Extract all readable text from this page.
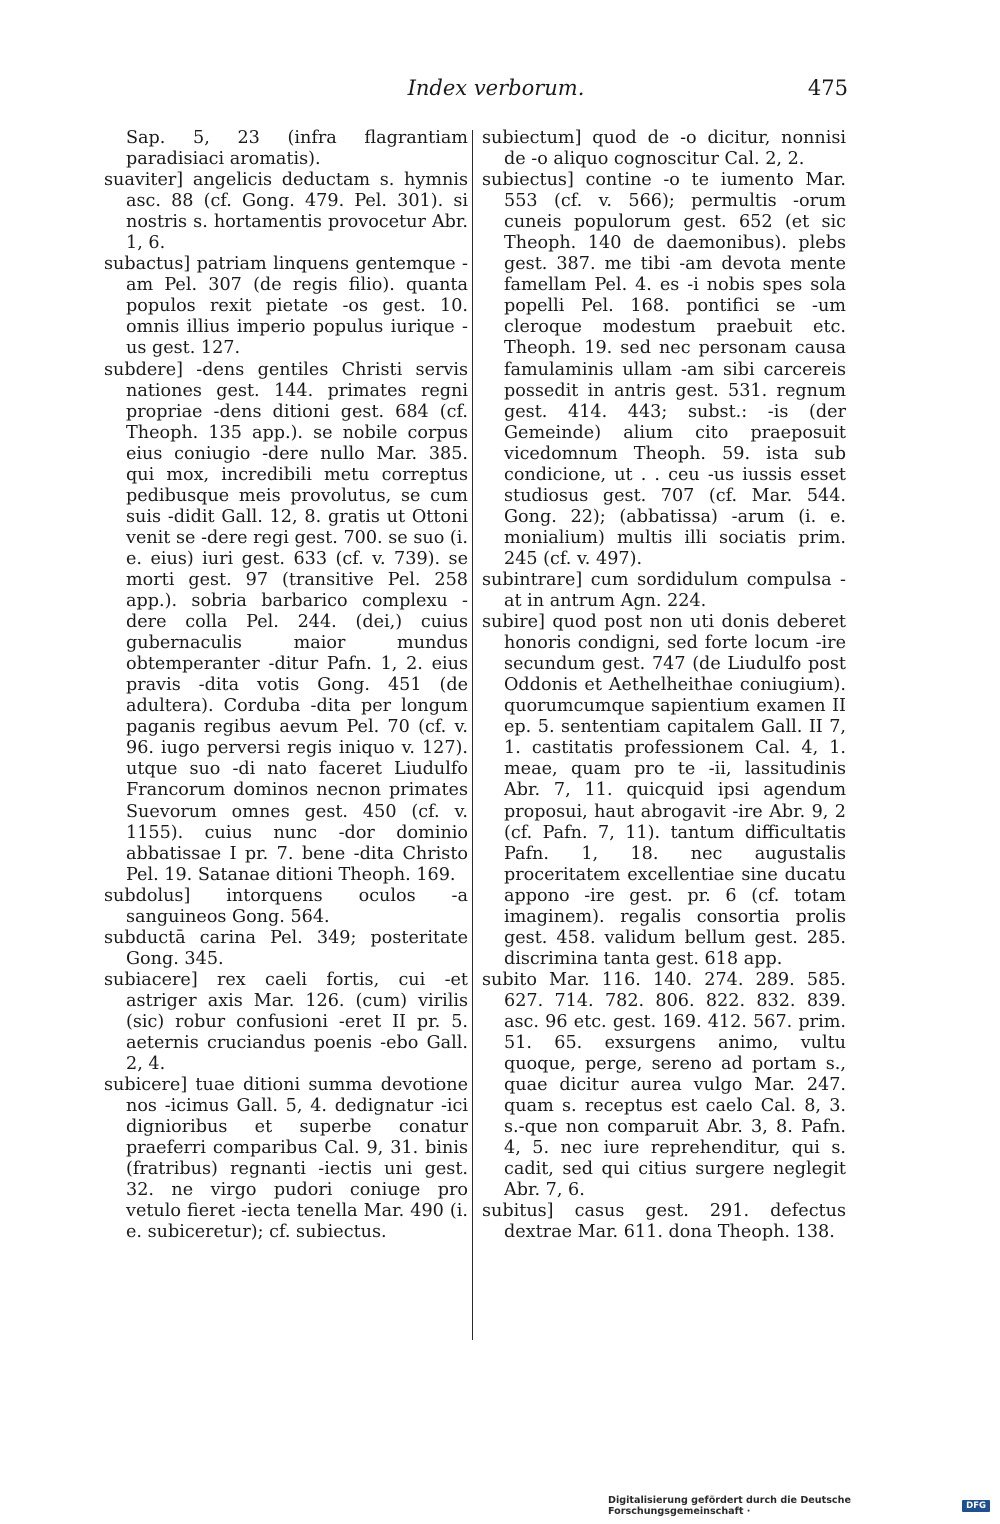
Index verborum.	475

Sap. 5, 23 (infra flagrantiam paradisiaci aromatis).

suaviter] angelicis deductam s. hymnis asc. 88 (cf. Gong. 479. Pel. 301). si nostris s. hortamentis provocetur Abr. 1, 6.

subactus] patriam linquens gentemque -am Pel. 307 (de regis filio). quanta populos rexit pietate -os gest. 10. omnis illius imperio populus iurique -us gest. 127.

subdere] -dens gentiles Christi servis nationes gest. 144. primates regni propriae -dens ditioni gest. 684 (cf. Theoph. 135 app.). se nobile corpus eius coniugio -dere nullo Mar. 385. qui mox, incredibili metu correptus pedibusque meis provolutus, se cum suis -didit Gall. 12, 8. gratis ut Ottoni venit se -dere regi gest. 700. se suo (i. e. eius) iuri gest. 633 (cf. v. 739). se morti gest. 97 (transitive Pel. 258 app.). sobria barbarico complexu -dere colla Pel. 244. (dei,) cuius gubernaculis maior mundus obtemperanter -ditur Pafn. 1, 2. eius pravis -dita votis Gong. 451 (de adultera). Corduba -dita per longum paganis regibus aevum Pel. 70 (cf. v. 96. iugo perversi regis iniquo v. 127). utque suo -di nato faceret Liudulfo Francorum dominos necnon primates Suevorum omnes gest. 450 (cf. v. 1155). cuius nunc -dor dominio abbatissae I pr. 7. bene -dita Christo Pel. 19. Satanae ditioni Theoph. 169.

subdolus] intorquens oculos -a sanguineos Gong. 564.

subductā carina Pel. 349; posteritate Gong. 345.

subiacere] rex caeli fortis, cui -et astriger axis Mar. 126. (cum) virilis (sic) robur confusioni -eret II pr. 5. aeternis cruciandus poenis -ebo Gall. 2, 4.

subicere] tuae ditioni summa devotione nos -icimus Gall. 5, 4. dedignatur -ici dignioribus et superbe conatur praeferri comparibus Cal. 9, 31. binis (fratribus) regnanti -iectis uni gest. 32. ne virgo pudori coniuge pro vetulo fieret -iecta tenella Mar. 490 (i. e. subiceretur); cf. subiectus.

subiectum] quod de -o dicitur, nonnisi de -o aliquo cognoscitur Cal. 2, 2.

subiectus] contine -o te iumento Mar. 553 (cf. v. 566); permultis -orum cuneis populorum gest. 652 (et sic Theoph. 140 de daemonibus). plebs gest. 387. me tibi -am devota mente famellam Pel. 4. es -i nobis spes sola popelli Pel. 168. pontifici se -um cleroque modestum praebuit etc. Theoph. 19. sed nec personam causa famulaminis ullam -am sibi carcereis possedit in antris gest. 531. regnum gest. 414. 443; subst.: -is (der Gemeinde) alium cito praeposuit vicedomnum Theoph. 59. ista sub condicione, ut . . ceu -us iussis esset studiosus gest. 707 (cf. Mar. 544. Gong. 22); (abbatissa) -arum (i. e. monialium) multis illi sociatis prim. 245 (cf. v. 497).

subintrare] cum sordidulum compulsa -at in antrum Agn. 224.

subire] quod post non uti donis deberet honoris condigni, sed forte locum -ire secundum gest. 747 (de Liudulfo post Oddonis et Aethelheithae coniugium). quorumcumque sapientium examen II ep. 5. sententiam capitalem Gall. II 7, 1. castitatis professionem Cal. 4, 1. meae, quam pro te -ii, lassitudinis Abr. 7, 11. quicquid ipsi agendum proposui, haut abrogavit -ire Abr. 9, 2 (cf. Pafn. 7, 11). tantum difficultatis Pafn. 1, 18. nec augustalis proceritatem excellentiae sine ducatu appono -ire gest. pr. 6 (cf. totam imaginem). regalis consortia prolis gest. 458. validum bellum gest. 285. discrimina tanta gest. 618 app.

subito Mar. 116. 140. 274. 289. 585. 627. 714. 782. 806. 822. 832. 839. asc. 96 etc. gest. 169. 412. 567. prim. 51. 65. exsurgens animo, vultu quoque, perge, sereno ad portam s., quae dicitur aurea vulgo Mar. 247. quam s. receptus est caelo Cal. 8, 3. s.-que non comparuit Abr. 3, 8. Pafn. 4, 5. nec iure reprehenditur, qui s. cadit, sed qui citius surgere neglegit Abr. 7, 6.

subitus] casus gest. 291. defectus dextrae Mar. 611. dona Theoph. 138.

Digitalisierung gefördert durch die Deutsche Forschungsgemeinschaft ·	DFG
